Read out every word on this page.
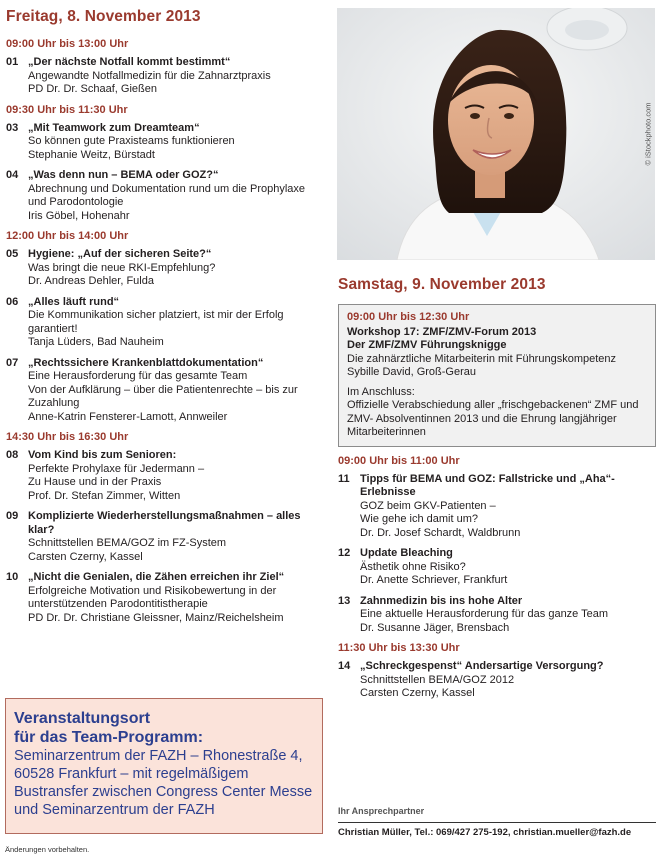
Freitag, 8. November 2013
09:00 Uhr bis 13:00 Uhr
01 „Der nächste Notfall kommt bestimmt“
Angewandte Notfallmedizin für die Zahnarztpraxis
PD Dr. Dr. Schaaf, Gießen
09:30 Uhr bis 11:30 Uhr
03 „Mit Teamwork zum Dreamteam“
So können gute Praxisteams funktionieren
Stephanie Weitz, Bürstadt
04 „Was denn nun – BEMA oder GOZ?“
Abrechnung und Dokumentation rund um die Prophylaxe und Parodontologie
Iris Göbel, Hohenahr
12:00 Uhr bis 14:00 Uhr
05 Hygiene: „Auf der sicheren Seite?“
Was bringt die neue RKI-Empfehlung?
Dr. Andreas Dehler, Fulda
06 „Alles läuft rund“
Die Kommunikation sicher platziert, ist mir der Erfolg garantiert!
Tanja Lüders, Bad Nauheim
07 „Rechtssichere Krankenblattdokumentation“
Eine Herausforderung für das gesamte Team
Von der Aufklärung – über die Patientenrechte – bis zur Zuzahlung
Anne-Katrin Fensterer-Lamott, Annweiler
14:30 Uhr bis 16:30 Uhr
08 Vom Kind bis zum Senioren:
Perfekte Prohylaxe für Jedermann –
Zu Hause und in der Praxis
Prof. Dr. Stefan Zimmer, Witten
09 Komplizierte Wiederherstellungsmaßnahmen – alles klar?
Schnittstellen BEMA/GOZ im FZ-System
Carsten Czerny, Kassel
10 „Nicht die Genialen, die Zähen erreichen ihr Ziel“
Erfolgreiche Motivation und Risikobewertung in der unterstützenden Parodontitistherapie
PD Dr. Dr. Christiane Gleissner, Mainz/Reichelsheim
© iStockphoto.com
Samstag, 9. November 2013
09:00 Uhr bis 12:30 Uhr
Workshop 17: ZMF/ZMV-Forum 2013
Der ZMF/ZMV Führungsknigge
Die zahnärztliche Mitarbeiterin mit Führungskompetenz
Sybille David, Groß-Gerau
Im Anschluss:
Offizielle Verabschiedung aller „frischgebackenen“ ZMF und ZMV- Absolventinnen 2013 und die Ehrung langjähriger Mitarbeiterinnen
09:00 Uhr bis 11:00 Uhr
11 Tipps für BEMA und GOZ: Fallstricke und „Aha“-Erlebnisse
GOZ beim GKV-Patienten –
Wie gehe ich damit um?
Dr. Dr. Josef Schardt, Waldbrunn
12 Update Bleaching
Ästhetik ohne Risiko?
Dr. Anette Schriever, Frankfurt
13 Zahnmedizin bis ins hohe Alter
Eine aktuelle Herausforderung für das ganze Team
Dr. Susanne Jäger, Brensbach
11:30 Uhr bis 13:30 Uhr
14 „Schreckgespenst“ Andersartige Versorgung?
Schnittstellen BEMA/GOZ 2012
Carsten Czerny, Kassel
Veranstaltungsort
für das Team-Programm:
Seminarzentrum der FAZH – Rhonestraße 4, 60528 Frankfurt – mit regelmäßigem Bustransfer zwischen Congress Center Messe und Seminarzentrum der FAZH	Ihr Ansprechpartner
Christian Müller, Tel.: 069/427 275-192, christian.mueller@fazh.de
Änderungen vorbehalten.
